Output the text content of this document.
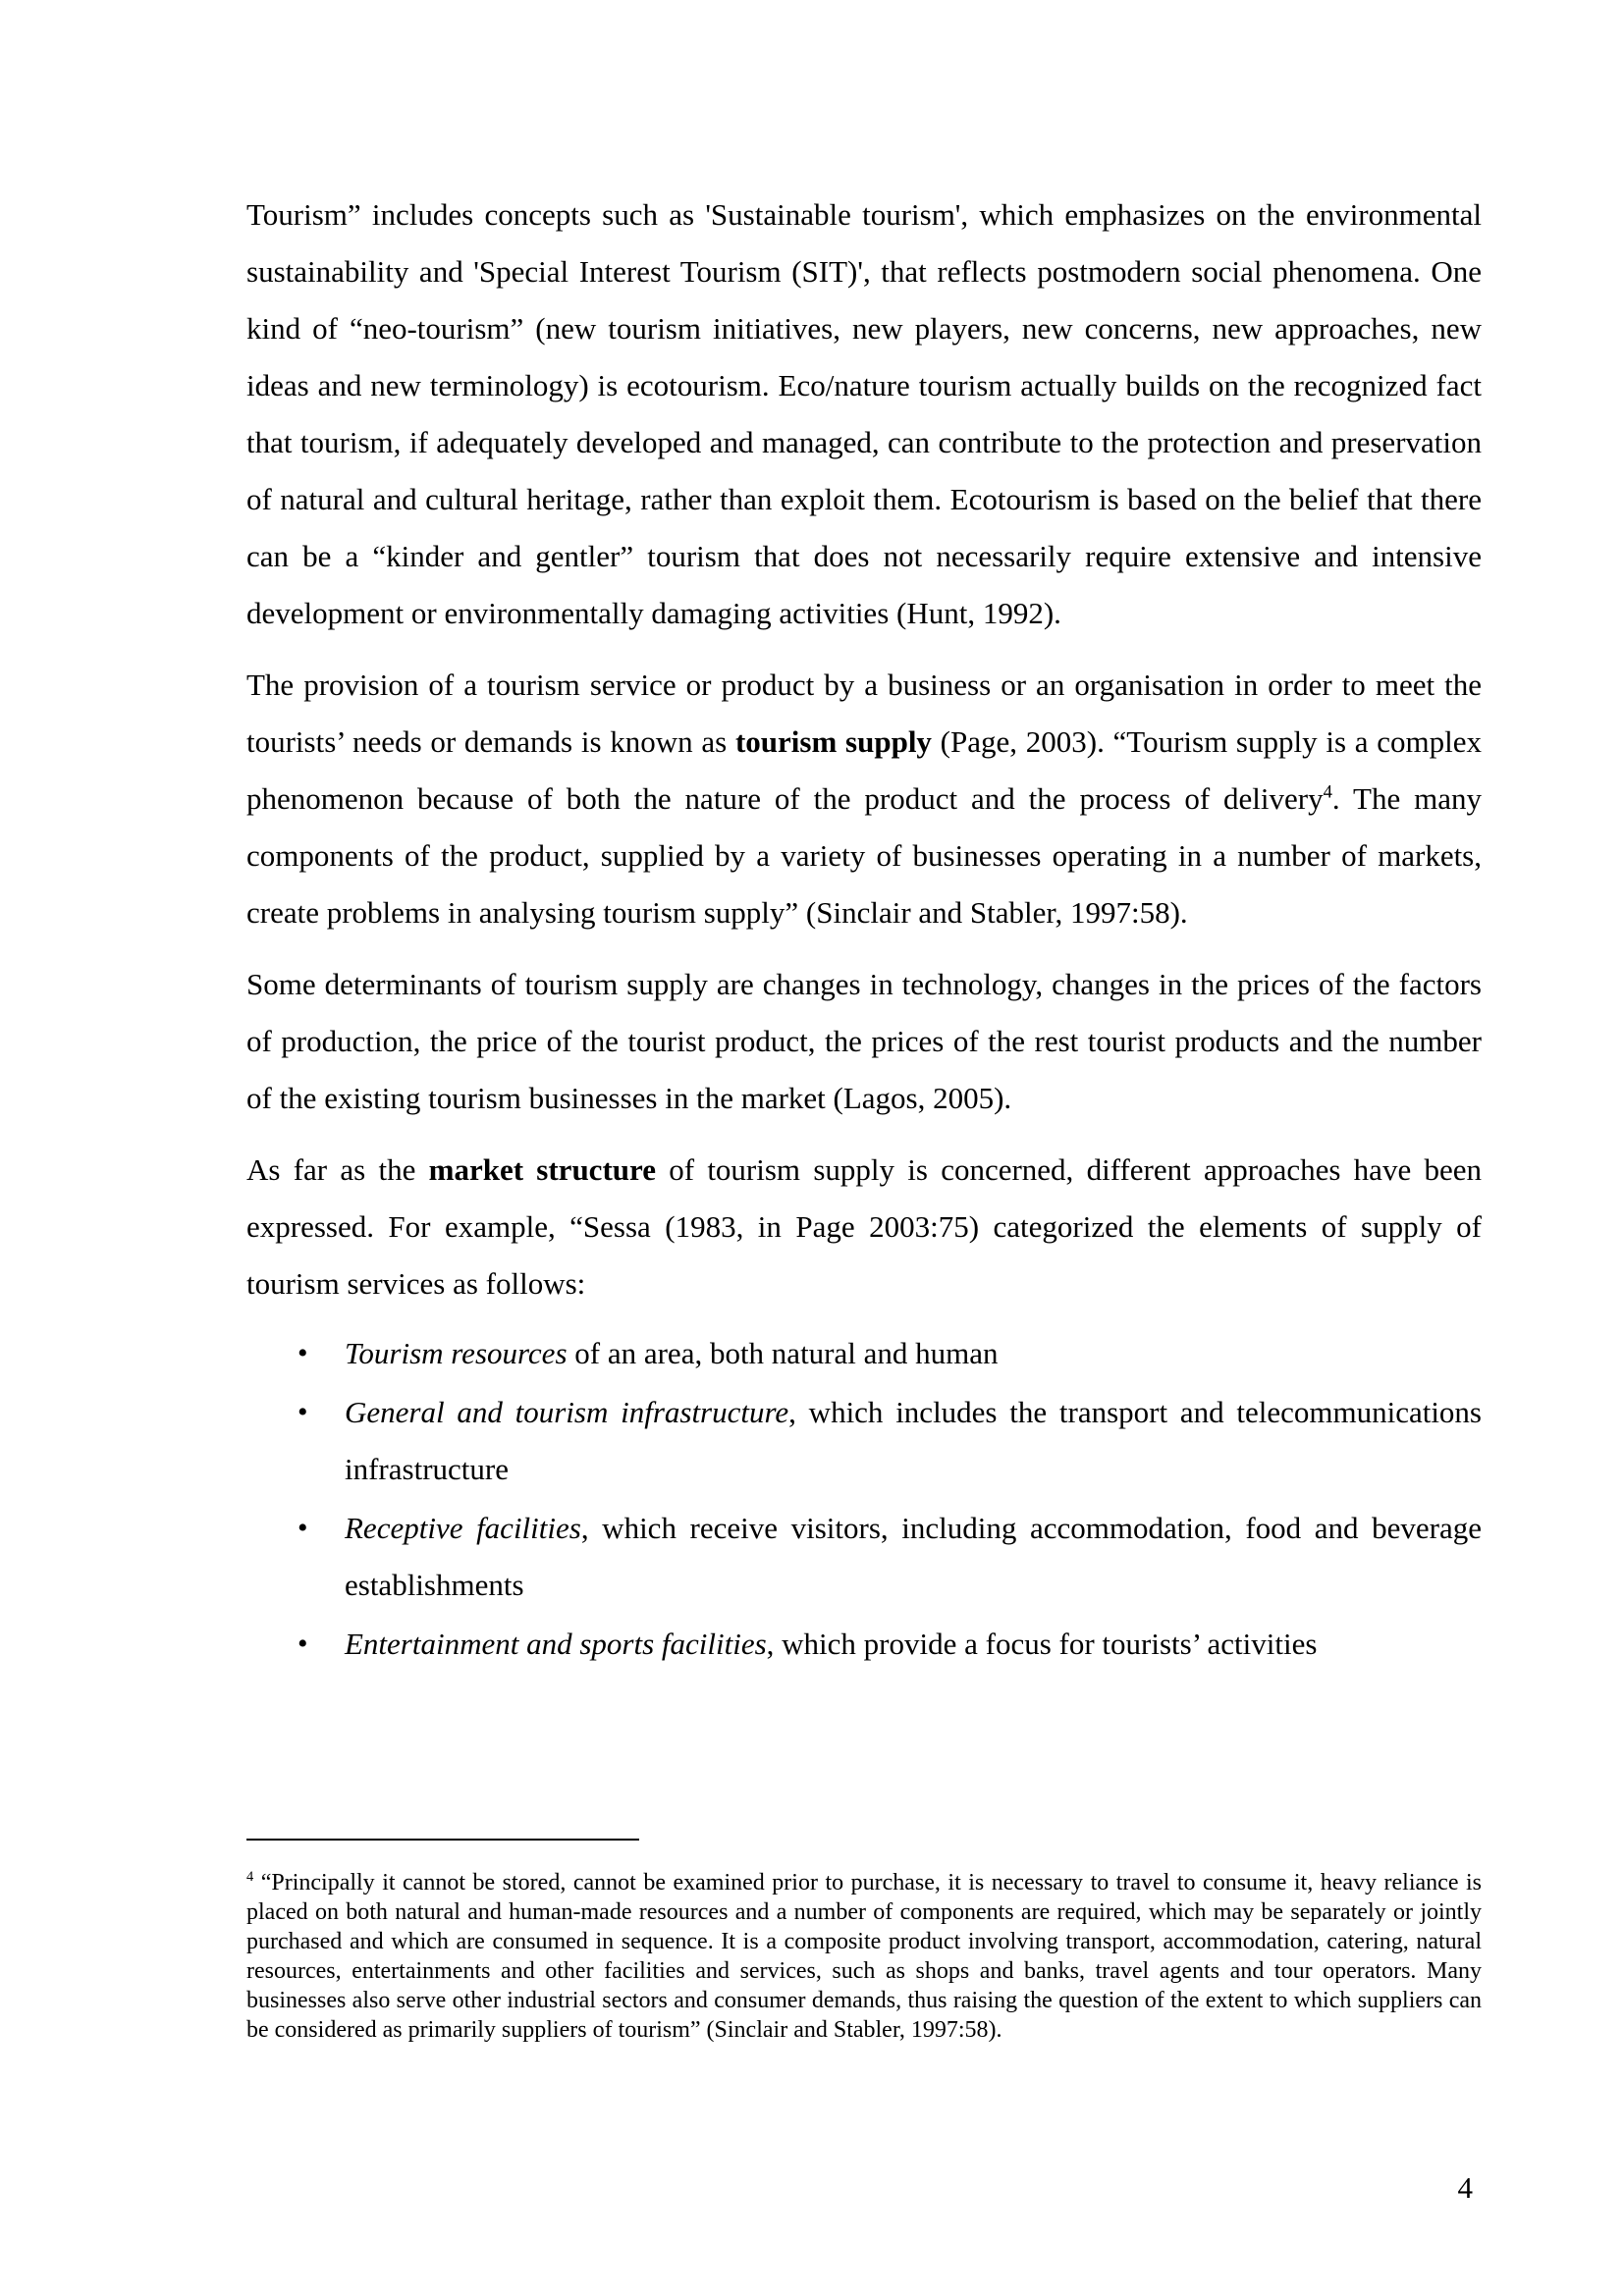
Tourism” includes concepts such as 'Sustainable tourism', which emphasizes on the environmental sustainability and 'Special Interest Tourism (SIT)', that reflects postmodern social phenomena. One kind of “neo-tourism” (new tourism initiatives, new players, new concerns, new approaches, new ideas and new terminology) is ecotourism. Eco/nature tourism actually builds on the recognized fact that tourism, if adequately developed and managed, can contribute to the protection and preservation of natural and cultural heritage, rather than exploit them. Ecotourism is based on the belief that there can be a “kinder and gentler” tourism that does not necessarily require extensive and intensive development or environmentally damaging activities (Hunt, 1992).

The provision of a tourism service or product by a business or an organisation in order to meet the tourists’ needs or demands is known as tourism supply (Page, 2003). “Tourism supply is a complex phenomenon because of both the nature of the product and the process of delivery$^4$. The many components of the product, supplied by a variety of businesses operating in a number of markets, create problems in analysing tourism supply” (Sinclair and Stabler, 1997:58).

Some determinants of tourism supply are changes in technology, changes in the prices of the factors of production, the price of the tourist product, the prices of the rest tourist products and the number of the existing tourism businesses in the market (Lagos, 2005).

As far as the market structure of tourism supply is concerned, different approaches have been expressed. For example, “Sessa (1983, in Page 2003:75) categorized the elements of supply of tourism services as follows:

• Tourism resources of an area, both natural and human
• General and tourism infrastructure, which includes the transport and telecommunications infrastructure
• Receptive facilities, which receive visitors, including accommodation, food and beverage establishments
• Entertainment and sports facilities, which provide a focus for tourists’ activities
$^4$ “Principally it cannot be stored, cannot be examined prior to purchase, it is necessary to travel to consume it, heavy reliance is placed on both natural and human-made resources and a number of components are required, which may be separately or jointly purchased and which are consumed in sequence. It is a composite product involving transport, accommodation, catering, natural resources, entertainments and other facilities and services, such as shops and banks, travel agents and tour operators. Many businesses also serve other industrial sectors and consumer demands, thus raising the question of the extent to which suppliers can be considered as primarily suppliers of tourism” (Sinclair and Stabler, 1997:58).
4
